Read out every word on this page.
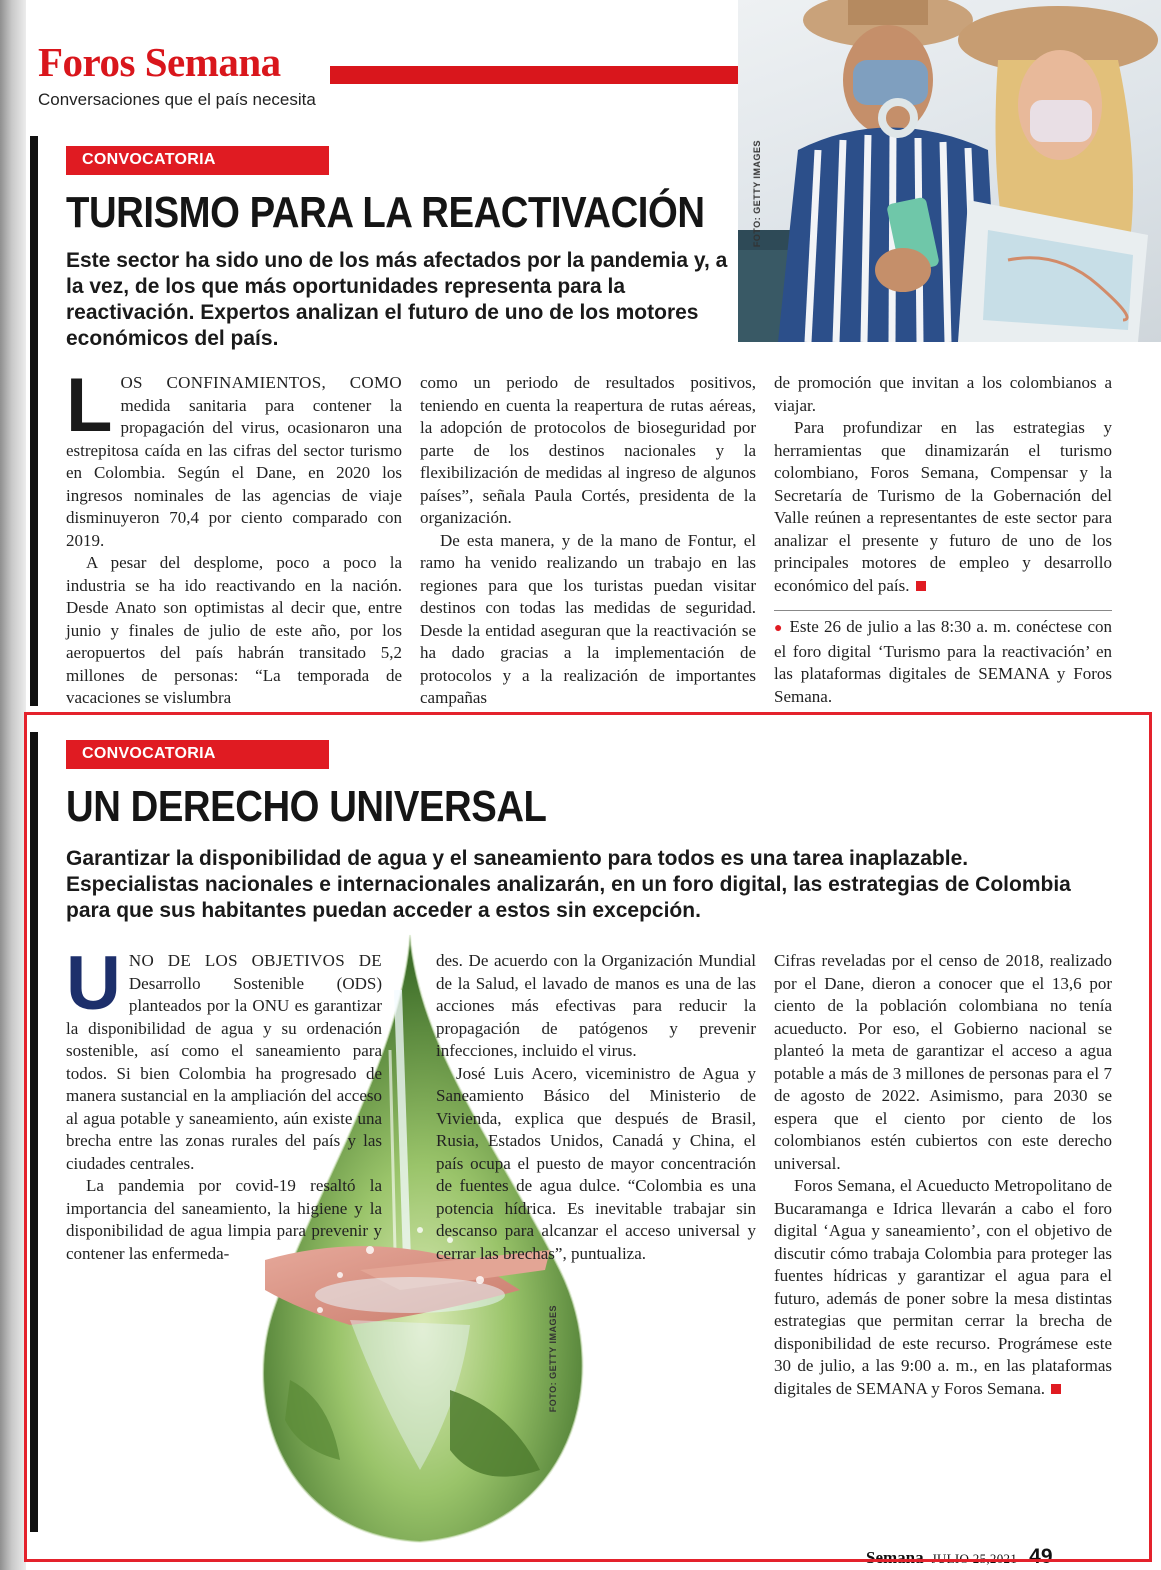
Foros Semana
Conversaciones que el país necesita
FOTO: GETTY IMAGES
CONVOCATORIA
TURISMO PARA LA REACTIVACIÓN
Este sector ha sido uno de los más afectados por la pandemia y, a la vez, de los que más oportunidades representa para la reactivación. Expertos analizan el futuro de uno de los motores económicos del país.

LOS CONFINAMIENTOS, COMO medida sanitaria para contener la propagación del virus, ocasionaron una estrepitosa caída en las cifras del sector turismo en Colombia. Según el Dane, en 2020 los ingresos nominales de las agencias de viaje disminuyeron 70,4 por ciento comparado con 2019.

A pesar del desplome, poco a poco la industria se ha ido reactivando en la nación. Desde Anato son optimistas al decir que, entre junio y finales de julio de este año, por los aeropuertos del país habrán transitado 5,2 millones de personas: “La temporada de vacaciones se vislumbra

como un periodo de resultados positivos, teniendo en cuenta la reapertura de rutas aéreas, la adopción de protocolos de bioseguridad por parte de los destinos nacionales y la flexibilización de medidas al ingreso de algunos países”, señala Paula Cortés, presidenta de la organización.

De esta manera, y de la mano de Fontur, el ramo ha venido realizando un trabajo en las regiones para que los turistas puedan visitar destinos con todas las medidas de seguridad. Desde la entidad aseguran que la reactivación se ha dado gracias a la implementación de protocolos y a la realización de importantes campañas

de promoción que invitan a los colombianos a viajar.

Para profundizar en las estrategias y herramientas que dinamizarán el turismo colombiano, Foros Semana, Compensar y la Secretaría de Turismo de la Gobernación del Valle reúnen a representantes de este sector para analizar el presente y futuro de uno de los principales motores de empleo y desarrollo económico del país.

● Este 26 de julio a las 8:30 a. m. conéctese con el foro digital ‘Turismo para la reactivación’ en las plataformas digitales de SEMANA y Foros Semana.
CONVOCATORIA
UN DERECHO UNIVERSAL
Garantizar la disponibilidad de agua y el saneamiento para todos es una tarea inaplazable. Especialistas nacionales e internacionales analizarán, en un foro digital, las estrategias de Colombia para que sus habitantes puedan acceder a estos sin excepción.
FOTO: GETTY IMAGES

UNO DE LOS OBJETIVOS DE Desarrollo Sostenible (ODS) planteados por la ONU es garantizar la disponibilidad de agua y su ordenación sostenible, así como el saneamiento para todos. Si bien Colombia ha progresado de manera sustancial en la ampliación del acceso al agua potable y saneamiento, aún existe una brecha entre las zonas rurales del país y las ciudades centrales.

La pandemia por covid-19 resaltó la importancia del saneamiento, la higiene y la disponibilidad de agua limpia para prevenir y contener las enfermeda-

des. De acuerdo con la Organización Mundial de la Salud, el lavado de manos es una de las acciones más efectivas para reducir la propagación de patógenos y prevenir infecciones, incluido el virus.

José Luis Acero, viceministro de Agua y Saneamiento Básico del Ministerio de Vivienda, explica que después de Brasil, Rusia, Estados Unidos, Canadá y China, el país ocupa el puesto de mayor concentración de fuentes de agua dulce. “Colombia es una potencia hídrica. Es inevitable trabajar sin descanso para alcanzar el acceso universal y cerrar las brechas”, puntualiza.

Cifras reveladas por el censo de 2018, realizado por el Dane, dieron a conocer que el 13,6 por ciento de la población colombiana no tenía acueducto. Por eso, el Gobierno nacional se planteó la meta de garantizar el acceso a agua potable a más de 3 millones de personas para el 7 de agosto de 2022. Asimismo, para 2030 se espera que el ciento por ciento de los colombianos estén cubiertos con este derecho universal.

Foros Semana, el Acueducto Metropolitano de Bucaramanga e Idrica llevarán a cabo el foro digital ‘Agua y saneamiento’, con el objetivo de discutir cómo trabaja Colombia para proteger las fuentes hídricas y garantizar el agua para el futuro, además de poner sobre la mesa distintas estrategias que permitan cerrar la brecha de disponibilidad de este recurso. Prográmese este 30 de julio, a las 9:00 a. m., en las plataformas digitales de SEMANA y Foros Semana.

Semana JULIO 25,2021 49
